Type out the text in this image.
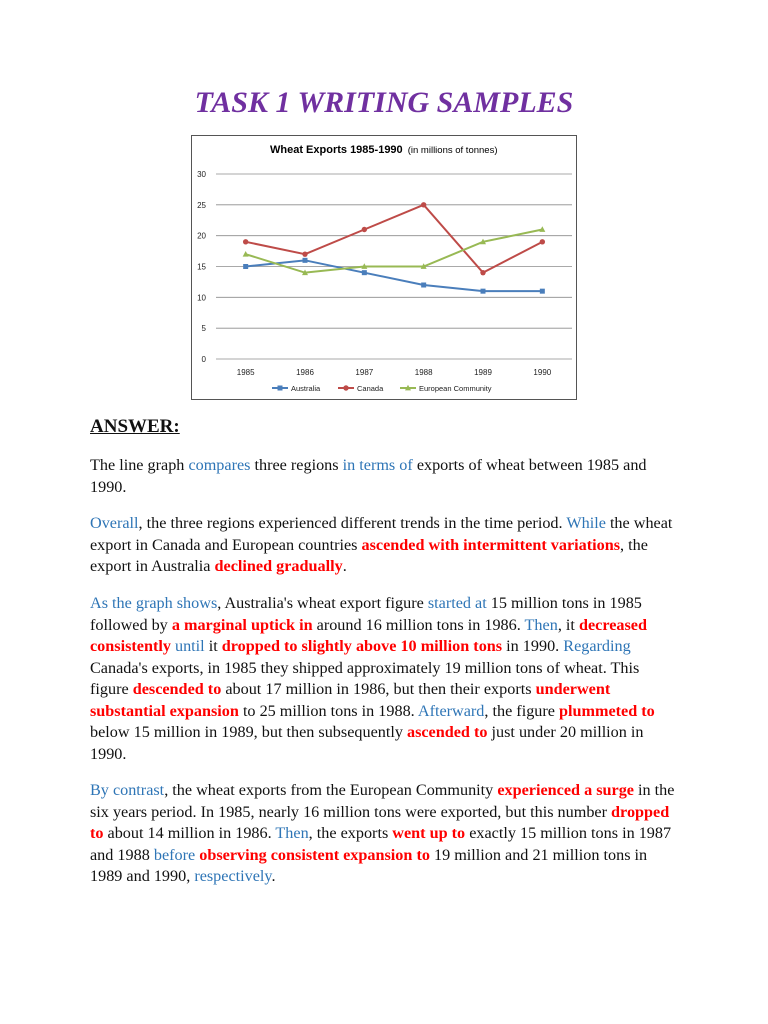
TASK 1 WRITING SAMPLES
Wheat Exports 1985-1990 (in millions of tonnes)
0
5
10
15
20
25
30
1985	1986	1987	1988	1989	1990
Australia	Canada	European Community
ANSWER:

The line graph compares three regions in terms of exports of wheat between 1985 and 1990.

Overall, the three regions experienced different trends in the time period. While the wheat export in Canada and European countries ascended with intermittent variations, the export in Australia declined gradually.

As the graph shows, Australia's wheat export figure started at 15 million tons in 1985 followed by a marginal uptick in around 16 million tons in 1986. Then, it decreased consistently until it dropped to slightly above 10 million tons in 1990. Regarding Canada's exports, in 1985 they shipped approximately 19 million tons of wheat. This figure descended to about 17 million in 1986, but then their exports underwent substantial expansion to 25 million tons in 1988. Afterward, the figure plummeted to below 15 million in 1989, but then subsequently ascended to just under 20 million in 1990.

By contrast, the wheat exports from the European Community experienced a surge in the six years period. In 1985, nearly 16 million tons were exported, but this number dropped to about 14 million in 1986. Then, the exports went up to exactly 15 million tons in 1987 and 1988 before observing consistent expansion to 19 million and 21 million tons in 1989 and 1990, respectively.
